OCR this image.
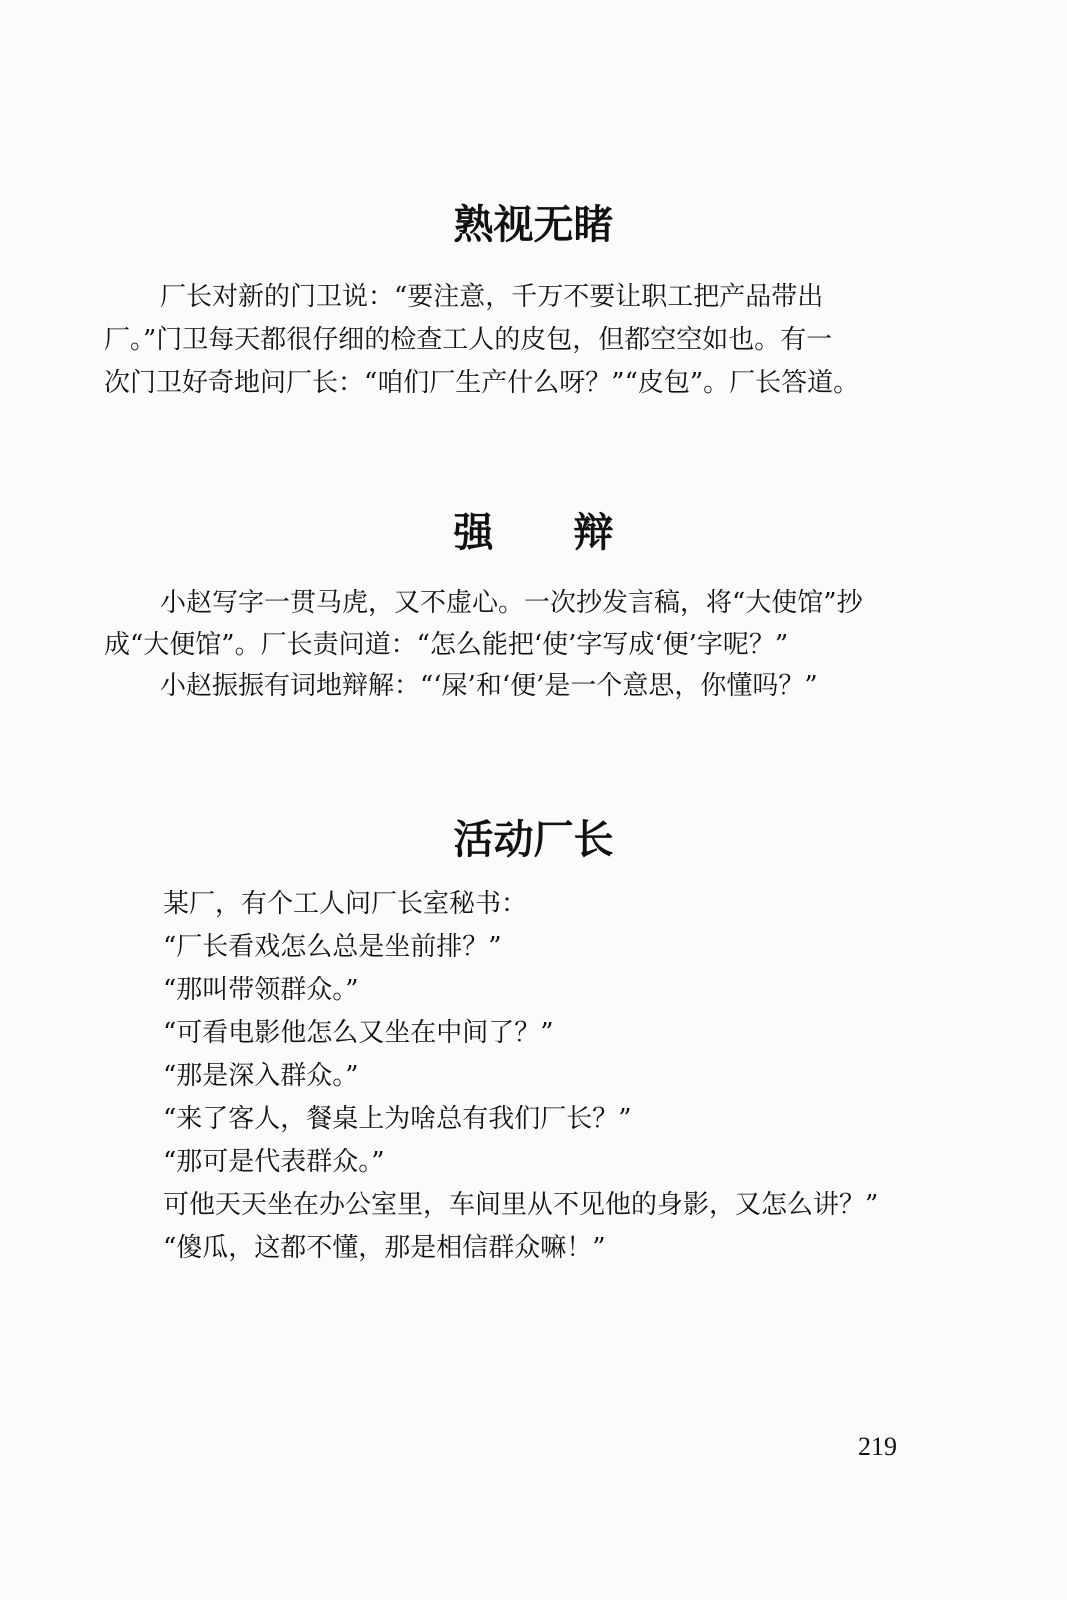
熟视无睹

厂长对新的门卫说：“要注意，千万不要让职工把产品带出

厂。”门卫每天都很仔细的检查工人的皮包，但都空空如也。有一

次门卫好奇地问厂长：“咱们厂生产什么呀？”“皮包”。厂长答道。

强 辩

小赵写字一贯马虎，又不虚心。一次抄发言稿，将“大使馆”抄

成“大便馆”。厂长责问道：“怎么能把‘使’字写成‘便’字呢？”

小赵振振有词地辩解：“‘屎’和‘便’是一个意思，你懂吗？”

活动厂长

某厂，有个工人问厂长室秘书：

“厂长看戏怎么总是坐前排？”

“那叫带领群众。”

“可看电影他怎么又坐在中间了？”

“那是深入群众。”

“来了客人，餐桌上为啥总有我们厂长？”

“那可是代表群众。”

可他天天坐在办公室里，车间里从不见他的身影，又怎么讲？”

“傻瓜，这都不懂，那是相信群众嘛！”

219
